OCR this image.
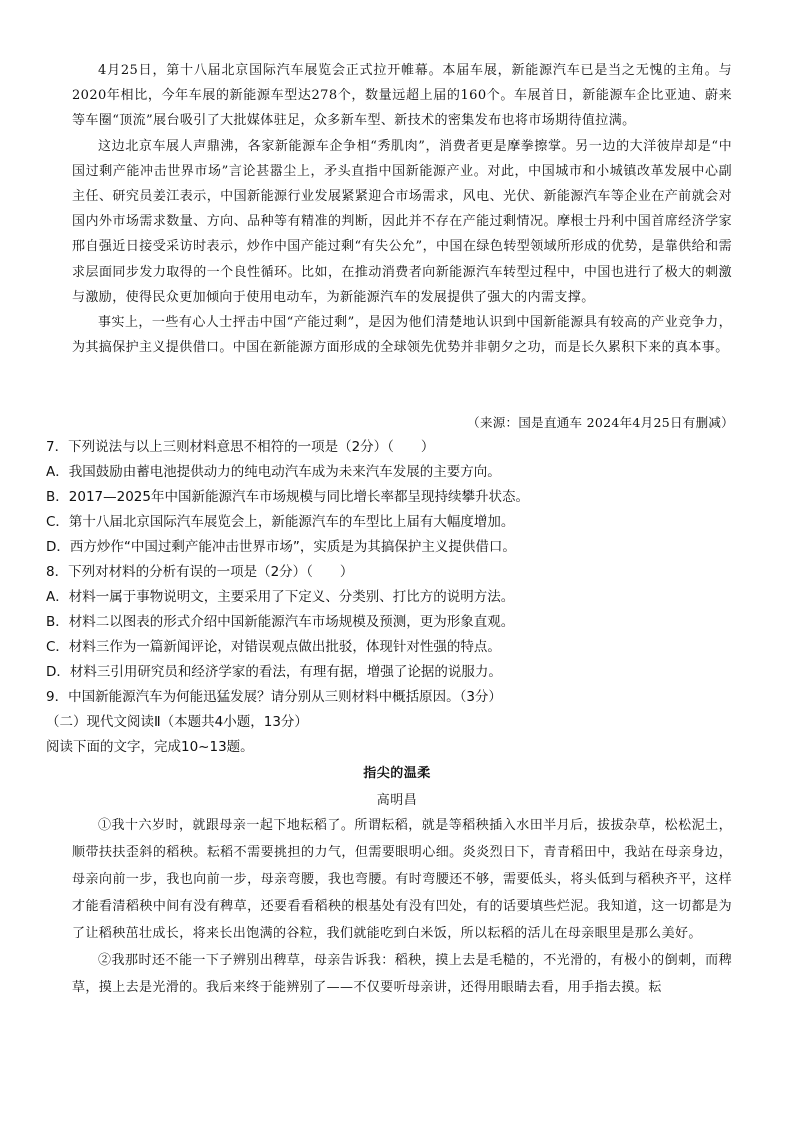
4月25日，第十八届北京国际汽车展览会正式拉开帷幕。本届车展，新能源汽车已是当之无愧的主角。与2020年相比，今年车展的新能源车型达278个，数量远超上届的160个。车展首日，新能源车企比亚迪、蔚来等车圈“顶流”展台吸引了大批媒体驻足，众多新车型、新技术的密集发布也将市场期待值拉满。

这边北京车展人声鼎沸，各家新能源车企争相“秀肌肉”，消费者更是摩拳擦掌。另一边的大洋彼岸却是“中国过剩产能冲击世界市场”言论甚嚣尘上，矛头直指中国新能源产业。对此，中国城市和小城镇改革发展中心副主任、研究员姜江表示，中国新能源行业发展紧紧迎合市场需求，风电、光伏、新能源汽车等企业在产前就会对国内外市场需求数量、方向、品种等有精准的判断，因此并不存在产能过剩情况。摩根士丹利中国首席经济学家邢自强近日接受采访时表示，炒作中国产能过剩“有失公允”，中国在绿色转型领域所形成的优势，是靠供给和需求层面同步发力取得的一个良性循环。比如，在推动消费者向新能源汽车转型过程中，中国也进行了极大的刺激与激励，使得民众更加倾向于使用电动车，为新能源汽车的发展提供了强大的内需支撑。

事实上，一些有心人士抨击中国“产能过剩”，是因为他们清楚地认识到中国新能源具有较高的产业竞争力，为其搞保护主义提供借口。中国在新能源方面形成的全球领先优势并非朝夕之功，而是长久累积下来的真本事。

（来源：国是直通车 2024年4月25日有删减）

7．下列说法与以上三则材料意思不相符的一项是（2分）（　　）

A．我国鼓励由蓄电池提供动力的纯电动汽车成为未来汽车发展的主要方向。

B．2017—2025年中国新能源汽车市场规模与同比增长率都呈现持续攀升状态。

C．第十八届北京国际汽车展览会上，新能源汽车的车型比上届有大幅度增加。

D．西方炒作“中国过剩产能冲击世界市场”，实质是为其搞保护主义提供借口。

8．下列对材料的分析有误的一项是（2分）（　　）

A．材料一属于事物说明文，主要采用了下定义、分类别、打比方的说明方法。

B．材料二以图表的形式介绍中国新能源汽车市场规模及预测，更为形象直观。

C．材料三作为一篇新闻评论，对错误观点做出批驳，体现针对性强的特点。

D．材料三引用研究员和经济学家的看法，有理有据，增强了论据的说服力。

9．中国新能源汽车为何能迅猛发展？请分别从三则材料中概括原因。（3分）

（二）现代文阅读Ⅱ（本题共4小题，13分）

阅读下面的文字，完成10~13题。

指尖的温柔
高明昌

①我十六岁时，就跟母亲一起下地耘稻了。所谓耘稻，就是等稻秧插入水田半月后，拔拔杂草，松松泥土，顺带扶扶歪斜的稻秧。耘稻不需要挑担的力气，但需要眼明心细。炎炎烈日下，青青稻田中，我站在母亲身边，母亲向前一步，我也向前一步，母亲弯腰，我也弯腰。有时弯腰还不够，需要低头，将头低到与稻秧齐平，这样才能看清稻秧中间有没有稗草，还要看看稻秧的根基处有没有凹处，有的话要填些烂泥。我知道，这一切都是为了让稻秧茁壮成长，将来长出饱满的谷粒，我们就能吃到白米饭，所以耘稻的活儿在母亲眼里是那么美好。

②我那时还不能一下子辨别出稗草，母亲告诉我：稻秧，摸上去是毛糙的，不光滑的，有极小的倒刺，而稗草，摸上去是光滑的。我后来终于能辨别了——不仅要听母亲讲，还得用眼睛去看，用手指去摸。耘
